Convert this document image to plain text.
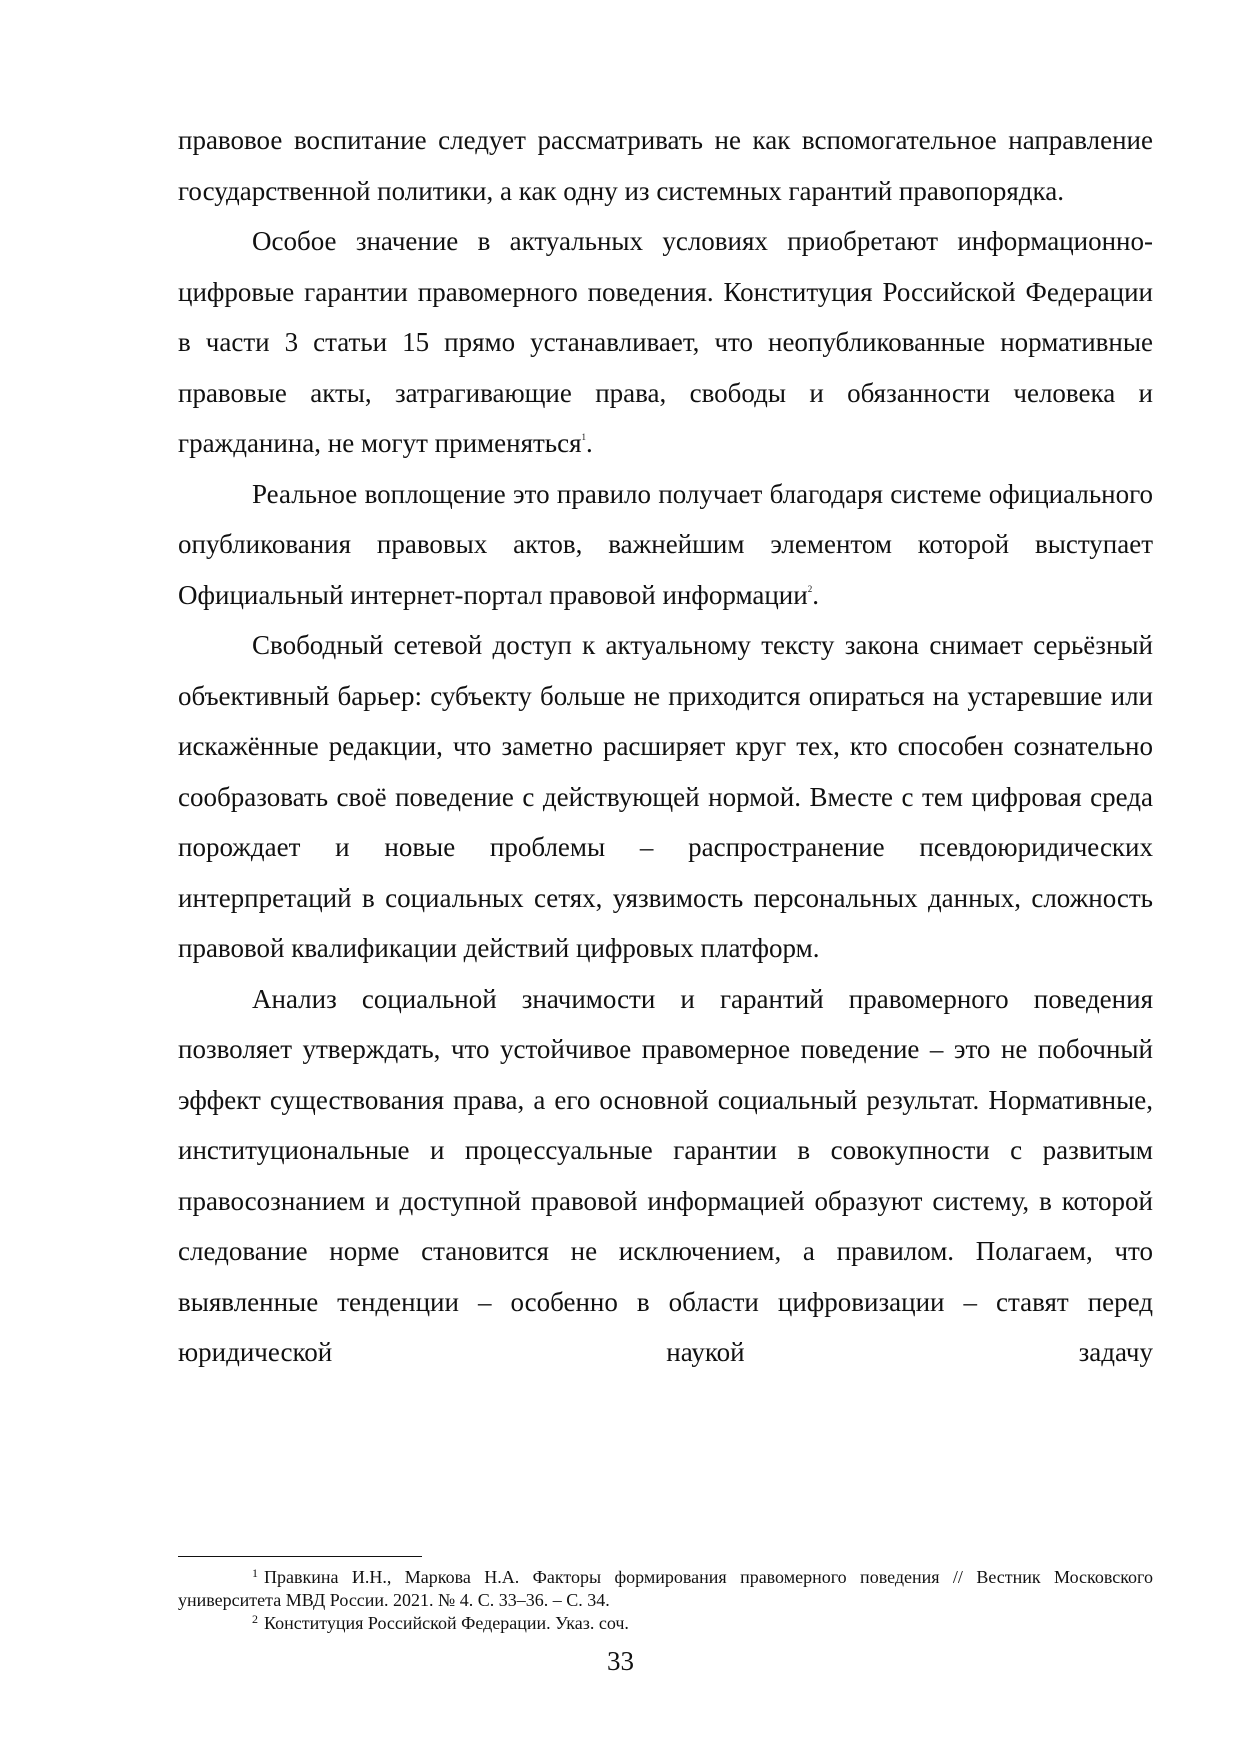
правовое воспитание следует рассматривать не как вспомогательное направление государственной политики, а как одну из системных гарантий правопорядка.

Особое значение в актуальных условиях приобретают информационно-цифровые гарантии правомерного поведения. Конституция Российской Федерации в части 3 статьи 15 прямо устанавливает, что неопубликованные нормативные правовые акты, затрагивающие права, свободы и обязанности человека и гражданина, не могут применяться$^1$.

Реальное воплощение это правило получает благодаря системе официального опубликования правовых актов, важнейшим элементом которой выступает Официальный интернет-портал правовой информации$^2$.

Свободный сетевой доступ к актуальному тексту закона снимает серьёзный объективный барьер: субъекту больше не приходится опираться на устаревшие или искажённые редакции, что заметно расширяет круг тех, кто способен сознательно сообразовать своё поведение с действующей нормой. Вместе с тем цифровая среда порождает и новые проблемы – распространение псевдоюридических интерпретаций в социальных сетях, уязвимость персональных данных, сложность правовой квалификации действий цифровых платформ.

Анализ социальной значимости и гарантий правомерного поведения позволяет утверждать, что устойчивое правомерное поведение – это не побочный эффект существования права, а его основной социальный результат. Нормативные, институциональные и процессуальные гарантии в совокупности с развитым правосознанием и доступной правовой информацией образуют систему, в которой следование норме становится не исключением, а правилом. Полагаем, что выявленные тенденции – особенно в области цифровизации – ставят перед юридической наукой задачу

$^1$ Правкина И.Н., Маркова Н.А. Факторы формирования правомерного поведения // Вестник Московского университета МВД России. 2021. № 4. С. 33–36. – С. 34.

$^2$ Конституция Российской Федерации. Указ. соч.

33
